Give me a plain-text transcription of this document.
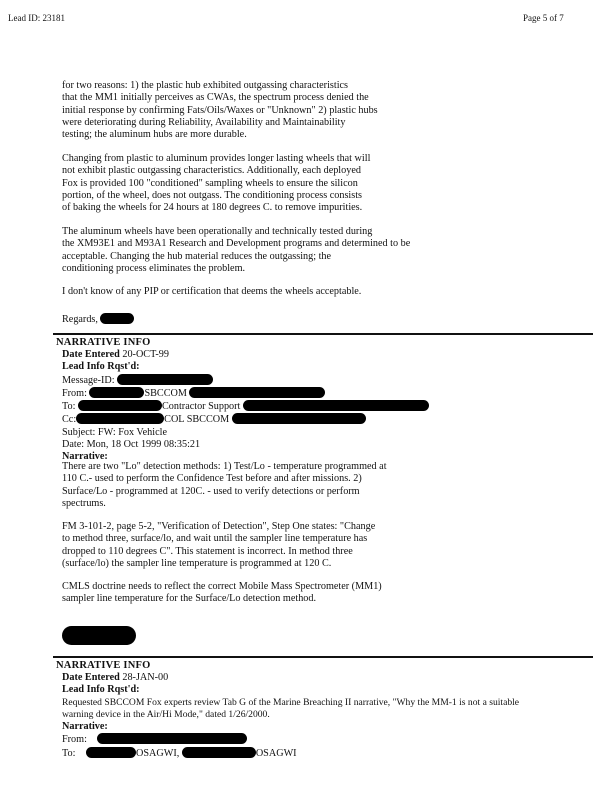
Lead ID: 23181	Page 5 of 7
for two reasons: 1) the plastic hub exhibited outgassing characteristics
that the MM1 initially perceives as CWAs, the spectrum process denied the
initial response by confirming Fats/Oils/Waxes or "Unknown" 2) plastic hubs
were deteriorating during Reliability, Availability and Maintainability
testing; the aluminum hubs are more durable.
Changing from plastic to aluminum provides longer lasting wheels that will
not exhibit plastic outgassing characteristics. Additionally, each deployed
Fox is provided 100 "conditioned" sampling wheels to ensure the silicon
portion, of the wheel, does not outgass. The conditioning process consists
of baking the wheels for 24 hours at 180 degrees C. to remove impurities.
The aluminum wheels have been operationally and technically tested during
the XM93E1 and M93A1 Research and Development programs and determined to be
acceptable. Changing the hub material reduces the outgassing; the
conditioning process eliminates the problem.
I don't know of any PIP or certification that deems the wheels acceptable.
Regards,
NARRATIVE INFO
Date Entered 20-OCT-99
Lead Info Rqst'd:
Message-ID:
From:	SBCCOM
To:	Contractor Support
Cc:	COL SBCCOM
Subject: FW: Fox Vehicle
Date: Mon, 18 Oct 1999 08:35:21
Narrative:
There are two "Lo" detection methods: 1) Test/Lo - temperature programmed at
110 C.- used to perform the Confidence Test before and after missions. 2)
Surface/Lo - programmed at 120C. - used to verify detections or perform
spectrums.
FM 3-101-2, page 5-2, "Verification of Detection", Step One states: "Change
to method three, surface/lo, and wait until the sampler line temperature has
dropped to 110 degrees C". This statement is incorrect. In method three
(surface/lo) the sampler line temperature is programmed at 120 C.
CMLS doctrine needs to reflect the correct Mobile Mass Spectrometer (MM1)
sampler line temperature for the Surface/Lo detection method.
NARRATIVE INFO
Date Entered 28-JAN-00
Lead Info Rqst'd:
Requested SBCCOM Fox experts review Tab G of the Marine Breaching II narrative, "Why the MM-1 is not a suitable
warning device in the Air/Hi Mode," dated 1/26/2000.
Narrative:
From:
To:	OSAGWI,	OSAGWI
